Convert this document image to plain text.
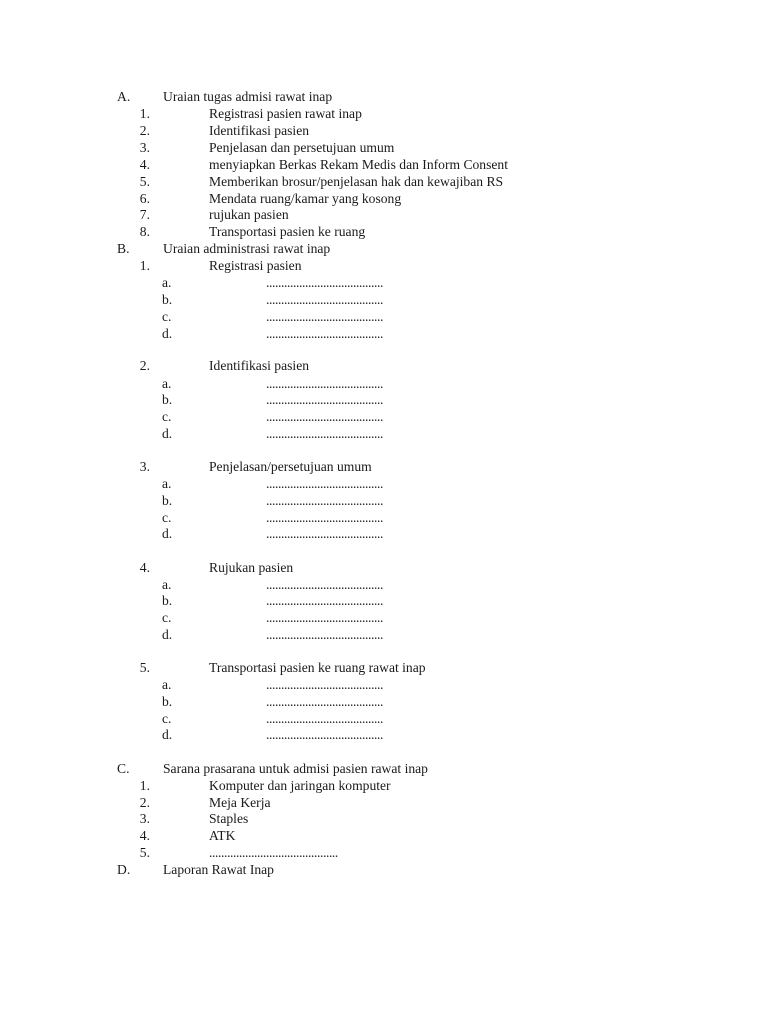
A. Uraian tugas admisi rawat inap
1.	Registrasi pasien rawat inap
2.	Identifikasi pasien
3.	Penjelasan dan persetujuan umum
4.	menyiapkan Berkas Rekam Medis dan Inform Consent
5.	Memberikan brosur/penjelasan hak dan kewajiban RS
6.	Mendata ruang/kamar yang kosong
7.	rujukan pasien
8.	Transportasi pasien ke ruang
B. Uraian administrasi rawat inap
1.	Registrasi pasien
a.	.......................................
b.	.......................................
c.	.......................................
d.	.......................................
2.	Identifikasi pasien
a.	.......................................
b.	.......................................
c.	.......................................
d.	.......................................
3.	Penjelasan/persetujuan umum
a.	.......................................
b.	.......................................
c.	.......................................
d.	.......................................
4.	Rujukan pasien
a.	.......................................
b.	.......................................
c.	.......................................
d.	.......................................
5.	Transportasi pasien ke ruang rawat inap
a.	.......................................
b.	.......................................
c.	.......................................
d.	.......................................
C. Sarana prasarana untuk admisi pasien rawat inap
1.	Komputer dan jaringan komputer
2.	Meja Kerja
3.	Staples
4.	ATK
5.	...........................................
D. Laporan Rawat Inap
